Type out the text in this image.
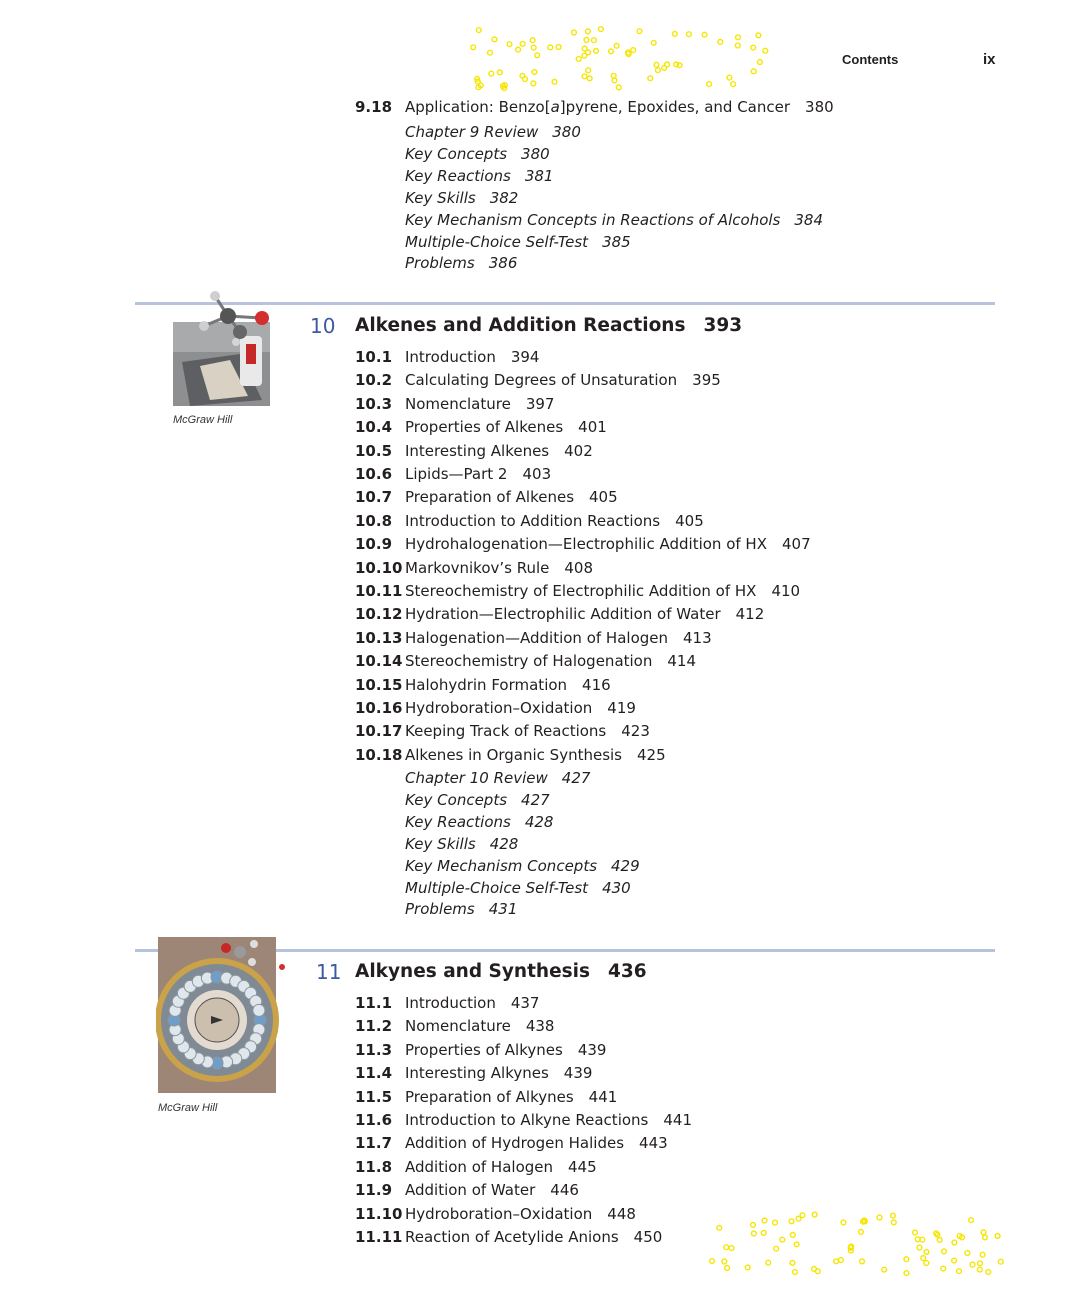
Contents	ix
9.18 Application: Benzo[a]pyrene, Epoxides, and Cancer 380
Chapter 9 Review 380
Key Concepts 380
Key Reactions 381
Key Skills 382
Key Mechanism Concepts in Reactions of Alcohols 384
Multiple-Choice Self-Test 385
Problems 386
McGraw Hill
10 Alkenes and Addition Reactions 393
10.1 Introduction 394
10.2 Calculating Degrees of Unsaturation 395
10.3 Nomenclature 397
10.4 Properties of Alkenes 401
10.5 Interesting Alkenes 402
10.6 Lipids—Part 2 403
10.7 Preparation of Alkenes 405
10.8 Introduction to Addition Reactions 405
10.9 Hydrohalogenation—Electrophilic Addition of HX 407
10.10 Markovnikov’s Rule 408
10.11 Stereochemistry of Electrophilic Addition of HX 410
10.12 Hydration—Electrophilic Addition of Water 412
10.13 Halogenation—Addition of Halogen 413
10.14 Stereochemistry of Halogenation 414
10.15 Halohydrin Formation 416
10.16 Hydroboration–Oxidation 419
10.17 Keeping Track of Reactions 423
10.18 Alkenes in Organic Synthesis 425
Chapter 10 Review 427
Key Concepts 427
Key Reactions 428
Key Skills 428
Key Mechanism Concepts 429
Multiple-Choice Self-Test 430
Problems 431
McGraw Hill
11 Alkynes and Synthesis 436
11.1 Introduction 437
11.2 Nomenclature 438
11.3 Properties of Alkynes 439
11.4 Interesting Alkynes 439
11.5 Preparation of Alkynes 441
11.6 Introduction to Alkyne Reactions 441
11.7 Addition of Hydrogen Halides 443
11.8 Addition of Halogen 445
11.9 Addition of Water 446
11.10 Hydroboration–Oxidation 448
11.11 Reaction of Acetylide Anions 450
